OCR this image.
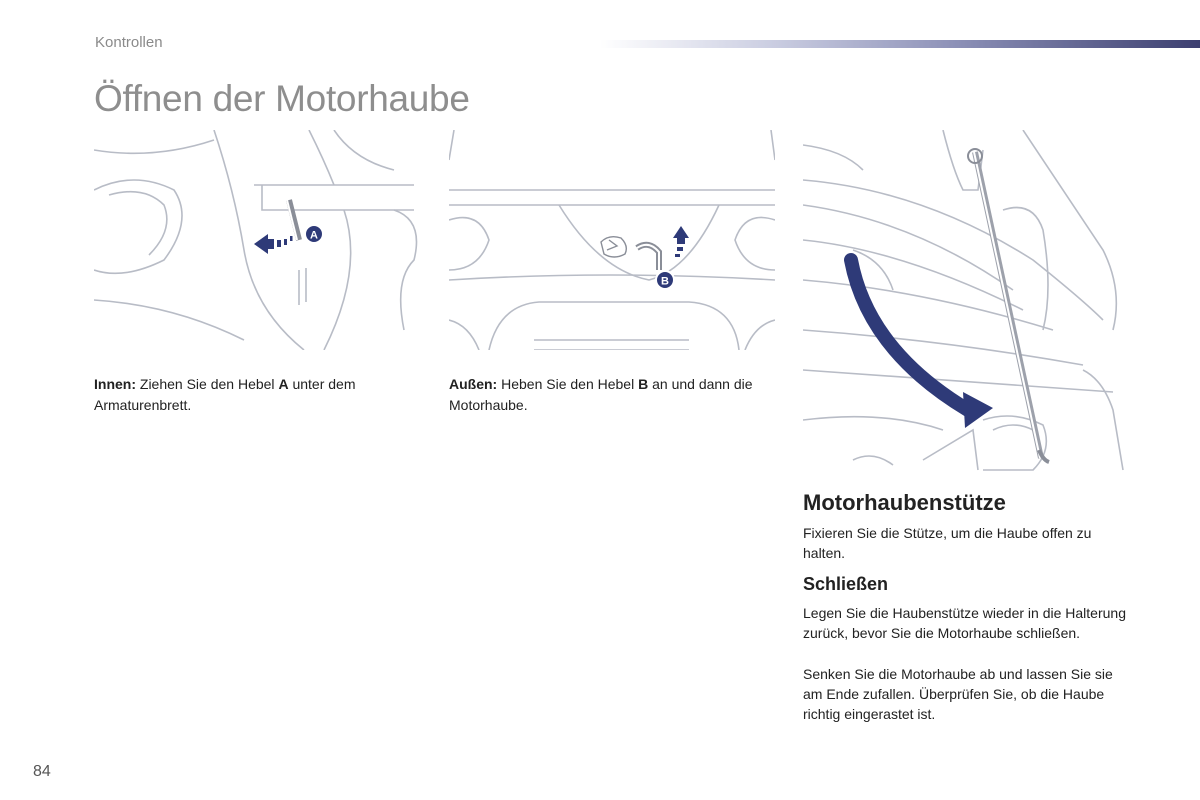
Kontrollen
Öffnen der Motorhaube
A
B
Innen: Ziehen Sie den Hebel A unter dem Armaturenbrett.
Außen: Heben Sie den Hebel B an und dann die Motorhaube.
Motorhaubenstütze

Fixieren Sie die Stütze, um die Haube offen zu halten.

Schließen

Legen Sie die Haubenstütze wieder in die Halterung zurück, bevor Sie die Motorhaube schließen.

Senken Sie die Motorhaube ab und lassen Sie sie am Ende zufallen. Überprüfen Sie, ob die Haube richtig eingerastet ist.

84
